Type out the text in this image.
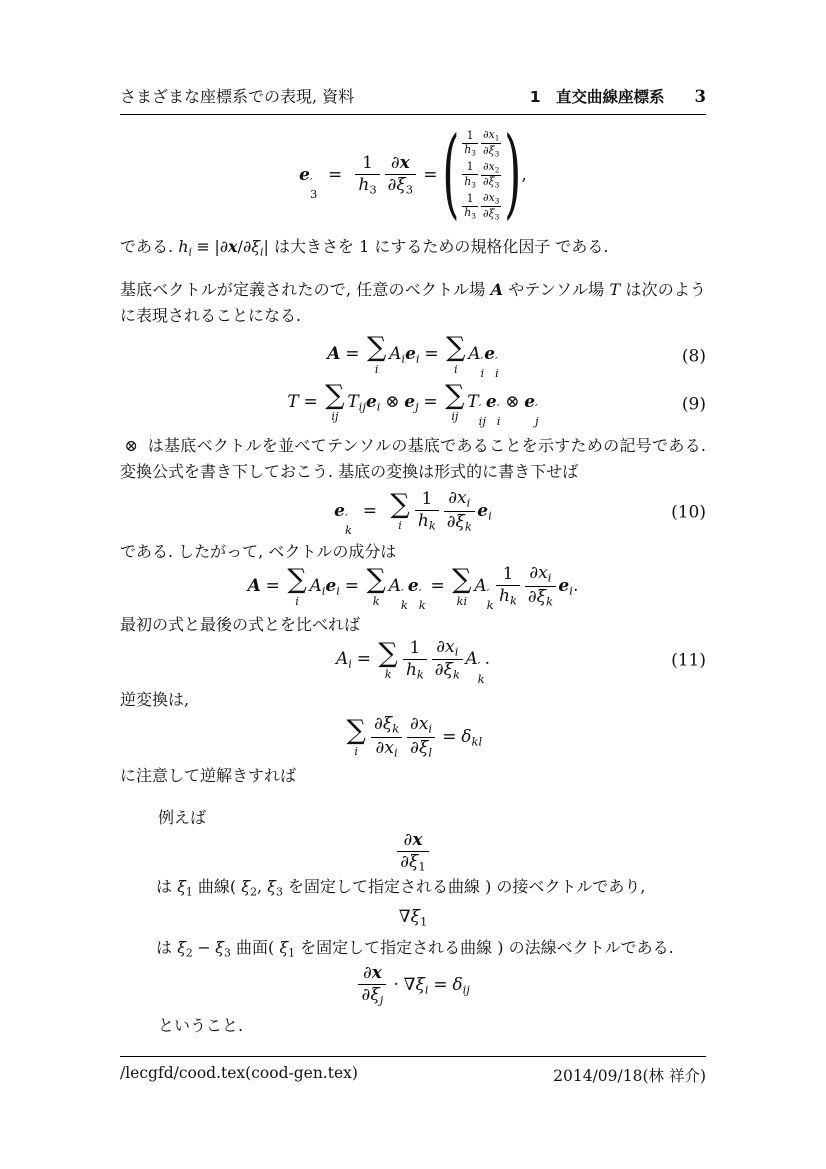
さまざまな座標系での表現, 資料	1 直交曲線座標系 3
e ′
3
= $\frac{1}{h_3} \frac{\partial x}{\partial\xi_3}$ = ( $\frac{1}{h_3} \frac{\partial x_1}{\partial\xi_3}$
$\frac{1}{h_3} \frac{\partial x_2}{\partial\xi_3}$
$\frac{1}{h_3} \frac{\partial x_3}{\partial\xi_3}$ ),

である. $h_i \equiv |\partial x/\partial\xi_i|$ は大きさを 1 にするための規格化因子 である.

基底ベクトルが定義されたので, 任意のベクトル場 A やテンソル場 T は次のように表現されることになる.

A = ∑
i
$A_ie_i$ = ∑
i
A ′
i
e ′
i
(8)
T = ∑
ij
$T_{ij}e_i$ ⊗ $e_j$ = ∑
ij
T ′
ij
e ′
i
⊗ e ′
j
(9)

⊗ は基底ベクトルを並べてテンソルの基底であることを示すための記号である. 変換公式を書き下しておこう. 基底の変換は形式的に書き下せば

e ′
k
= ∑
i $\frac{1}{h_k} \frac{\partial x_i}{\partial\xi_k} e_i$	(10)

である. したがって, ベクトルの成分は

A = ∑
i
$A_ie_i$ = ∑
k
A ′
k
e ′
k
= ∑
ki
A ′
k $\frac{1}{h_k} \frac{\partial x_i}{\partial\xi_k} e_i$.

最初の式と最後の式とを比べれば

$A_i$ = ∑
k $\frac{1}{h_k} \frac{\partial x_i}{\partial\xi_k}$ A ′
k
.	(11)

逆変換は,

∑
i $\frac{\partial\xi_k}{\partial x_i} \frac{\partial x_i}{\partial\xi_l} = \delta_{kl}$

に注意して逆解きすれば

例えば

$\frac{\partial x}{\partial\xi_1}$

は $\xi_1$ 曲線( $\xi_2$, $\xi_3$ を固定して指定される曲線 ) の接ベクトルであり,

$\nabla\xi_1$

は $\xi_2 - \xi_3$ 曲面( $\xi_1$ を固定して指定される曲線 ) の法線ベクトルである.

$\frac{\partial x}{\partial\xi_j} \cdot \nabla\xi_i = \delta_{ij}$

ということ.

/lecgfd/cood.tex(cood-gen.tex)	2014/09/18(林 祥介)
